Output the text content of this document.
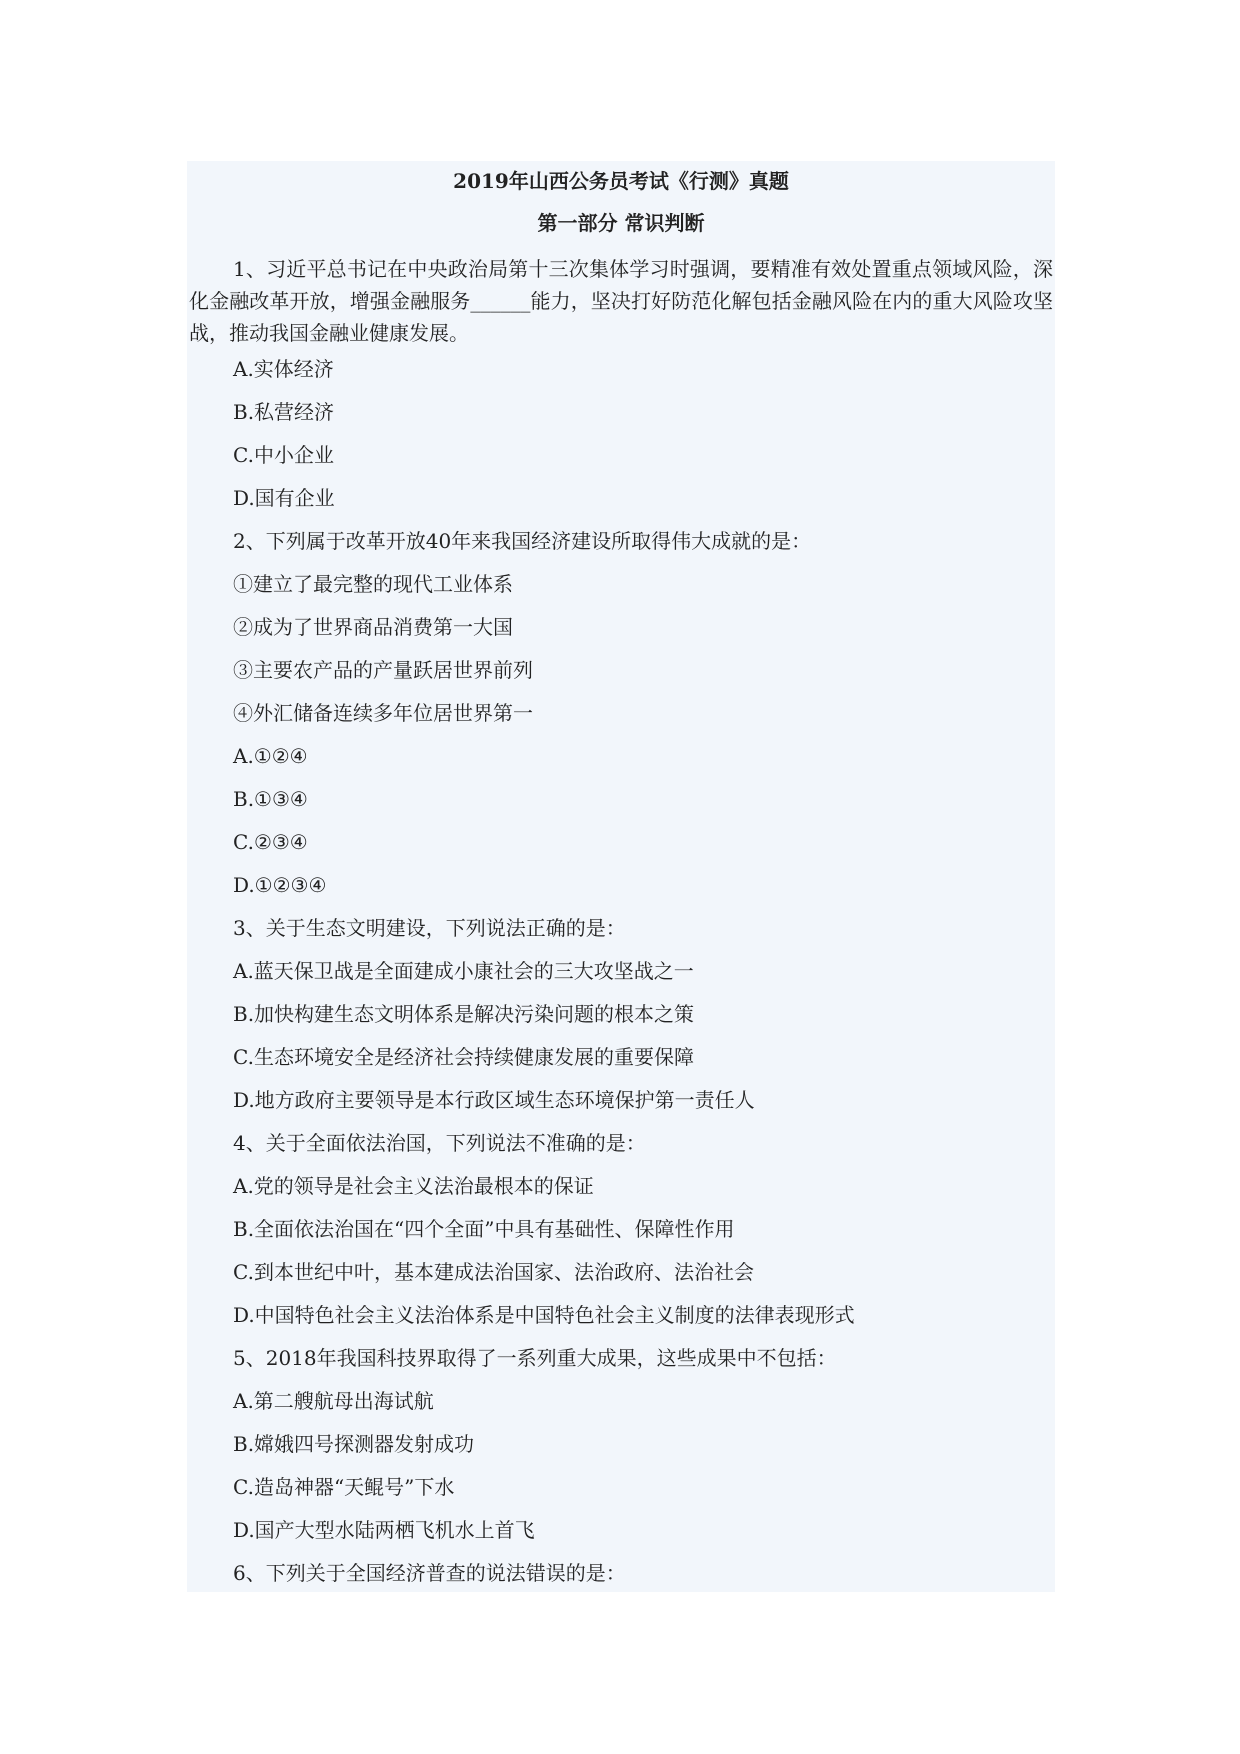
2019年山西公务员考试《行测》真题
第一部分 常识判断

1、习近平总书记在中央政治局第十三次集体学习时强调，要精准有效处置重点领域风险，深化金融改革开放，增强金融服务______能力，坚决打好防范化解包括金融风险在内的重大风险攻坚战，推动我国金融业健康发展。

A.实体经济
B.私营经济
C.中小企业
D.国有企业
2、下列属于改革开放40年来我国经济建设所取得伟大成就的是：
①建立了最完整的现代工业体系
②成为了世界商品消费第一大国
③主要农产品的产量跃居世界前列
④外汇储备连续多年位居世界第一
A.①②④
B.①③④
C.②③④
D.①②③④
3、关于生态文明建设，下列说法正确的是：
A.蓝天保卫战是全面建成小康社会的三大攻坚战之一
B.加快构建生态文明体系是解决污染问题的根本之策
C.生态环境安全是经济社会持续健康发展的重要保障
D.地方政府主要领导是本行政区域生态环境保护第一责任人
4、关于全面依法治国，下列说法不准确的是：
A.党的领导是社会主义法治最根本的保证
B.全面依法治国在“四个全面”中具有基础性、保障性作用
C.到本世纪中叶，基本建成法治国家、法治政府、法治社会
D.中国特色社会主义法治体系是中国特色社会主义制度的法律表现形式
5、2018年我国科技界取得了一系列重大成果，这些成果中不包括：
A.第二艘航母出海试航
B.嫦娥四号探测器发射成功
C.造岛神器“天鲲号”下水
D.国产大型水陆两栖飞机水上首飞
6、下列关于全国经济普查的说法错误的是：
